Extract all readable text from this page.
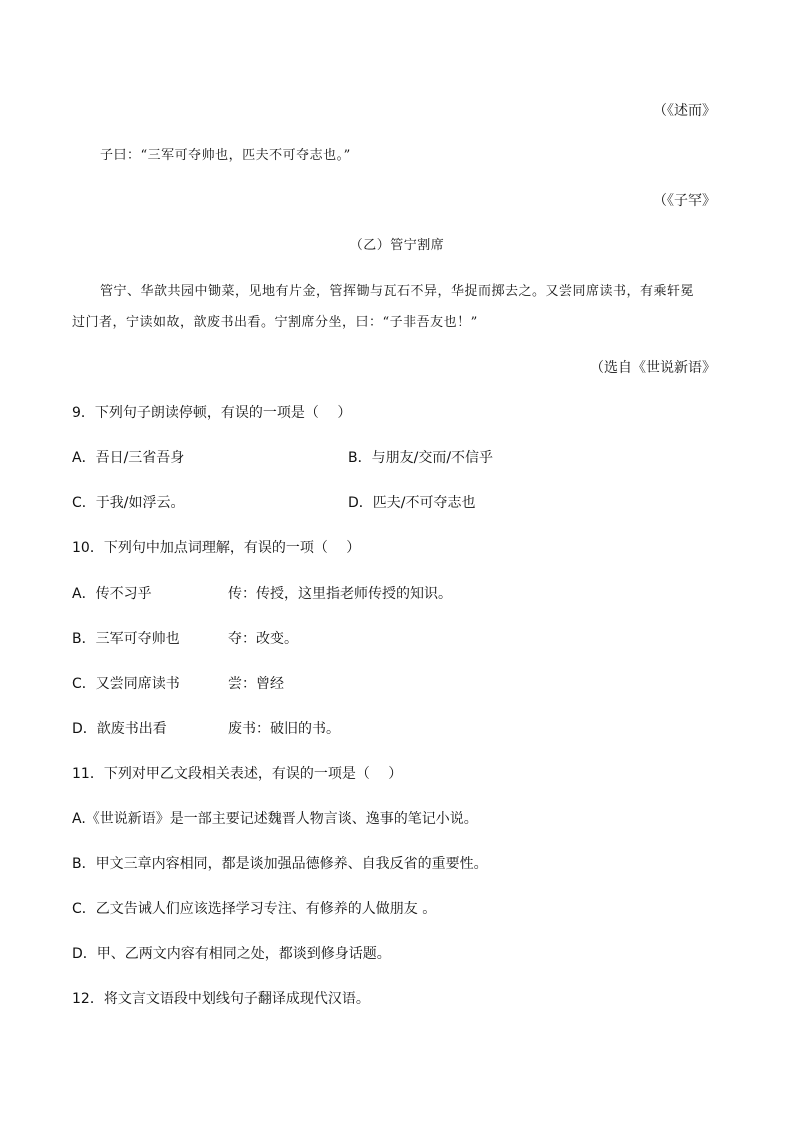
（《述而》
子曰：“三军可夺帅也，匹夫不可夺志也。”
（《子罕》
（乙）管宁割席
管宁、华歆共园中锄菜，见地有片金，管挥锄与瓦石不异，华捉而掷去之。又尝同席读书，有乘轩冕
过门者，宁读如故，歆废书出看。宁割席分坐，曰：“子非吾友也！”
（选自《世说新语》
9．下列句子朗读停顿，有误的一项是（　 ）
A．吾日/三省吾身	B．与朋友/交而/不信乎
C．于我/如浮云。	D．匹夫/不可夺志也
10．下列句中加点词理解，有误的一项（　 ）
A．传不习乎	传：传授，这里指老师传授的知识。
B．三军可夺帅也	夺：改变。
C．又尝同席读书	尝：曾经
D．歆废书出看	废书：破旧的书。
11．下列对甲乙文段相关表述，有误的一项是（　 ）
A.《世说新语》是一部主要记述魏晋人物言谈、逸事的笔记小说。
B．甲文三章内容相同，都是谈加强品德修养、自我反省的重要性。
C．乙文告诫人们应该选择学习专注、有修养的人做朋友 。
D．甲、乙两文内容有相同之处，都谈到修身话题。
12．将文言文语段中划线句子翻译成现代汉语。
